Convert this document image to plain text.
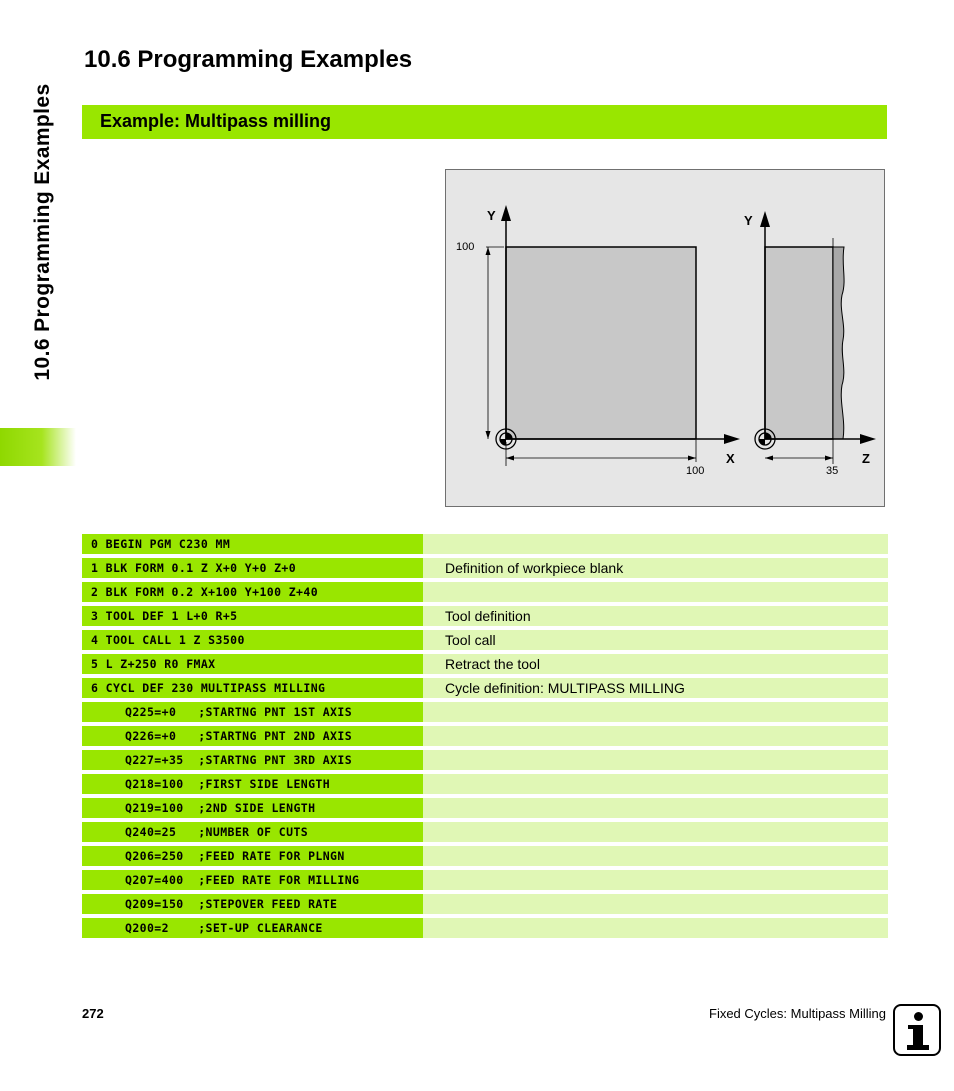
10.6 Programming Examples
10.6 Programming Examples
Example: Multipass milling
Y
X
100
100
Y
Z
35
0 BEGIN PGM C230 MM	
1 BLK FORM 0.1 Z X+0 Y+0 Z+0	Definition of workpiece blank
2 BLK FORM 0.2 X+100 Y+100 Z+40	
3 TOOL DEF 1 L+0 R+5	Tool definition
4 TOOL CALL 1 Z S3500	Tool call
5 L Z+250 R0 FMAX	Retract the tool
6 CYCL DEF 230 MULTIPASS MILLING	Cycle definition: MULTIPASS MILLING
Q225=+0   ;STARTNG PNT 1ST AXIS	
Q226=+0   ;STARTNG PNT 2ND AXIS	
Q227=+35  ;STARTNG PNT 3RD AXIS	
Q218=100  ;FIRST SIDE LENGTH	
Q219=100  ;2ND SIDE LENGTH	
Q240=25   ;NUMBER OF CUTS	
Q206=250  ;FEED RATE FOR PLNGN	
Q207=400  ;FEED RATE FOR MILLING	
Q209=150  ;STEPOVER FEED RATE	
Q200=2    ;SET-UP CLEARANCE	
272	Fixed Cycles: Multipass Milling
